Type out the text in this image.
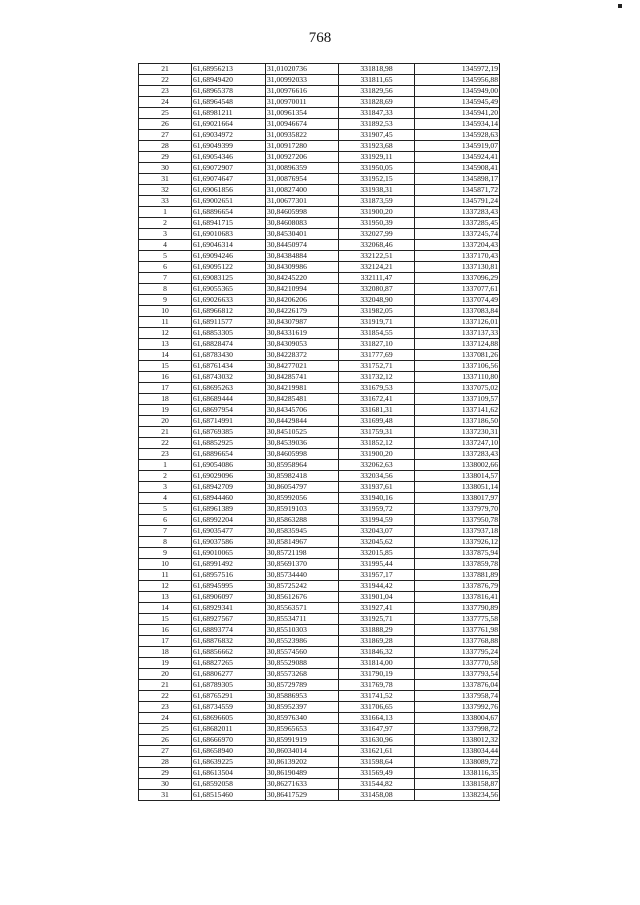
768
21	61,68956213	31,01020736	331818,98	1345972,19
22	61,68949420	31,00992033	331811,65	1345956,88
23	61,68965378	31,00976616	331829,56	1345949,00
24	61,68964548	31,00970011	331828,69	1345945,49
25	61,68981211	31,00961354	331847,33	1345941,20
26	61,69021664	31,00946674	331892,53	1345934,14
27	61,69034972	31,00935822	331907,45	1345928,63
28	61,69049399	31,00917280	331923,68	1345919,07
29	61,69054346	31,00927206	331929,11	1345924,41
30	61,69072907	31,00896359	331950,05	1345908,41
31	61,69074647	31,00876954	331952,15	1345898,17
32	61,69061856	31,00827400	331938,31	1345871,72
33	61,69002651	31,00677301	331873,59	1345791,24
1	61,68896654	30,84605998	331900,20	1337283,43
2	61,68941715	30,84608083	331950,39	1337285,45
3	61,69010683	30,84530401	332027,99	1337245,74
4	61,69046314	30,84450974	332068,46	1337204,43
5	61,69094246	30,84384884	332122,51	1337170,43
6	61,69095122	30,84309986	332124,21	1337130,81
7	61,69083125	30,84245220	332111,47	1337096,29
8	61,69055365	30,84210994	332080,87	1337077,61
9	61,69026633	30,84206206	332048,90	1337074,49
10	61,68966812	30,84226179	331982,05	1337083,84
11	61,68911577	30,84307987	331919,71	1337126,01
12	61,68853305	30,84331619	331854,55	1337137,33
13	61,68828474	30,84309053	331827,10	1337124,88
14	61,68783430	30,84228372	331777,69	1337081,26
15	61,68761434	30,84277021	331752,71	1337106,56
16	61,68743032	30,84285741	331732,12	1337110,80
17	61,68695263	30,84219981	331679,53	1337075,02
18	61,68689444	30,84285481	331672,41	1337109,57
19	61,68697954	30,84345706	331681,31	1337141,62
20	61,68714991	30,84429844	331699,48	1337186,50
21	61,68769385	30,84510525	331759,31	1337230,31
22	61,68852925	30,84539036	331852,12	1337247,10
23	61,68896654	30,84605998	331900,20	1337283,43
1	61,69054086	30,85958964	332062,63	1338002,66
2	61,69029096	30,85982418	332034,56	1338014,57
3	61,68942709	30,86054797	331937,61	1338051,14
4	61,68944460	30,85992056	331940,16	1338017,97
5	61,68961389	30,85919103	331959,72	1337979,70
6	61,68992204	30,85863288	331994,59	1337950,78
7	61,69035477	30,85835945	332043,07	1337937,18
8	61,69037586	30,85814967	332045,62	1337926,12
9	61,69010065	30,85721198	332015,85	1337875,94
10	61,68991492	30,85691370	331995,44	1337859,78
11	61,68957516	30,85734440	331957,17	1337881,89
12	61,68945995	30,85725242	331944,42	1337876,79
13	61,68906097	30,85612676	331901,04	1337816,41
14	61,68929341	30,85563571	331927,41	1337790,89
15	61,68927567	30,85534711	331925,71	1337775,58
16	61,68893774	30,85510303	331888,29	1337761,98
17	61,68876832	30,85523986	331869,28	1337768,88
18	61,68856662	30,85574560	331846,32	1337795,24
19	61,68827265	30,85529088	331814,00	1337770,58
20	61,68806277	30,85573268	331790,19	1337793,54
21	61,68789305	30,85729789	331769,78	1337876,04
22	61,68765291	30,85886953	331741,52	1337958,74
23	61,68734559	30,85952397	331706,65	1337992,76
24	61,68696605	30,85976340	331664,13	1338004,67
25	61,68682011	30,85965653	331647,97	1337998,72
26	61,68666970	30,85991919	331630,96	1338012,32
27	61,68658940	30,86034014	331621,61	1338034,44
28	61,68639225	30,86139202	331598,64	1338089,72
29	61,68613504	30,86190489	331569,49	1338116,35
30	61,68592058	30,86271633	331544,82	1338158,87
31	61,68515460	30,86417529	331458,08	1338234,56
